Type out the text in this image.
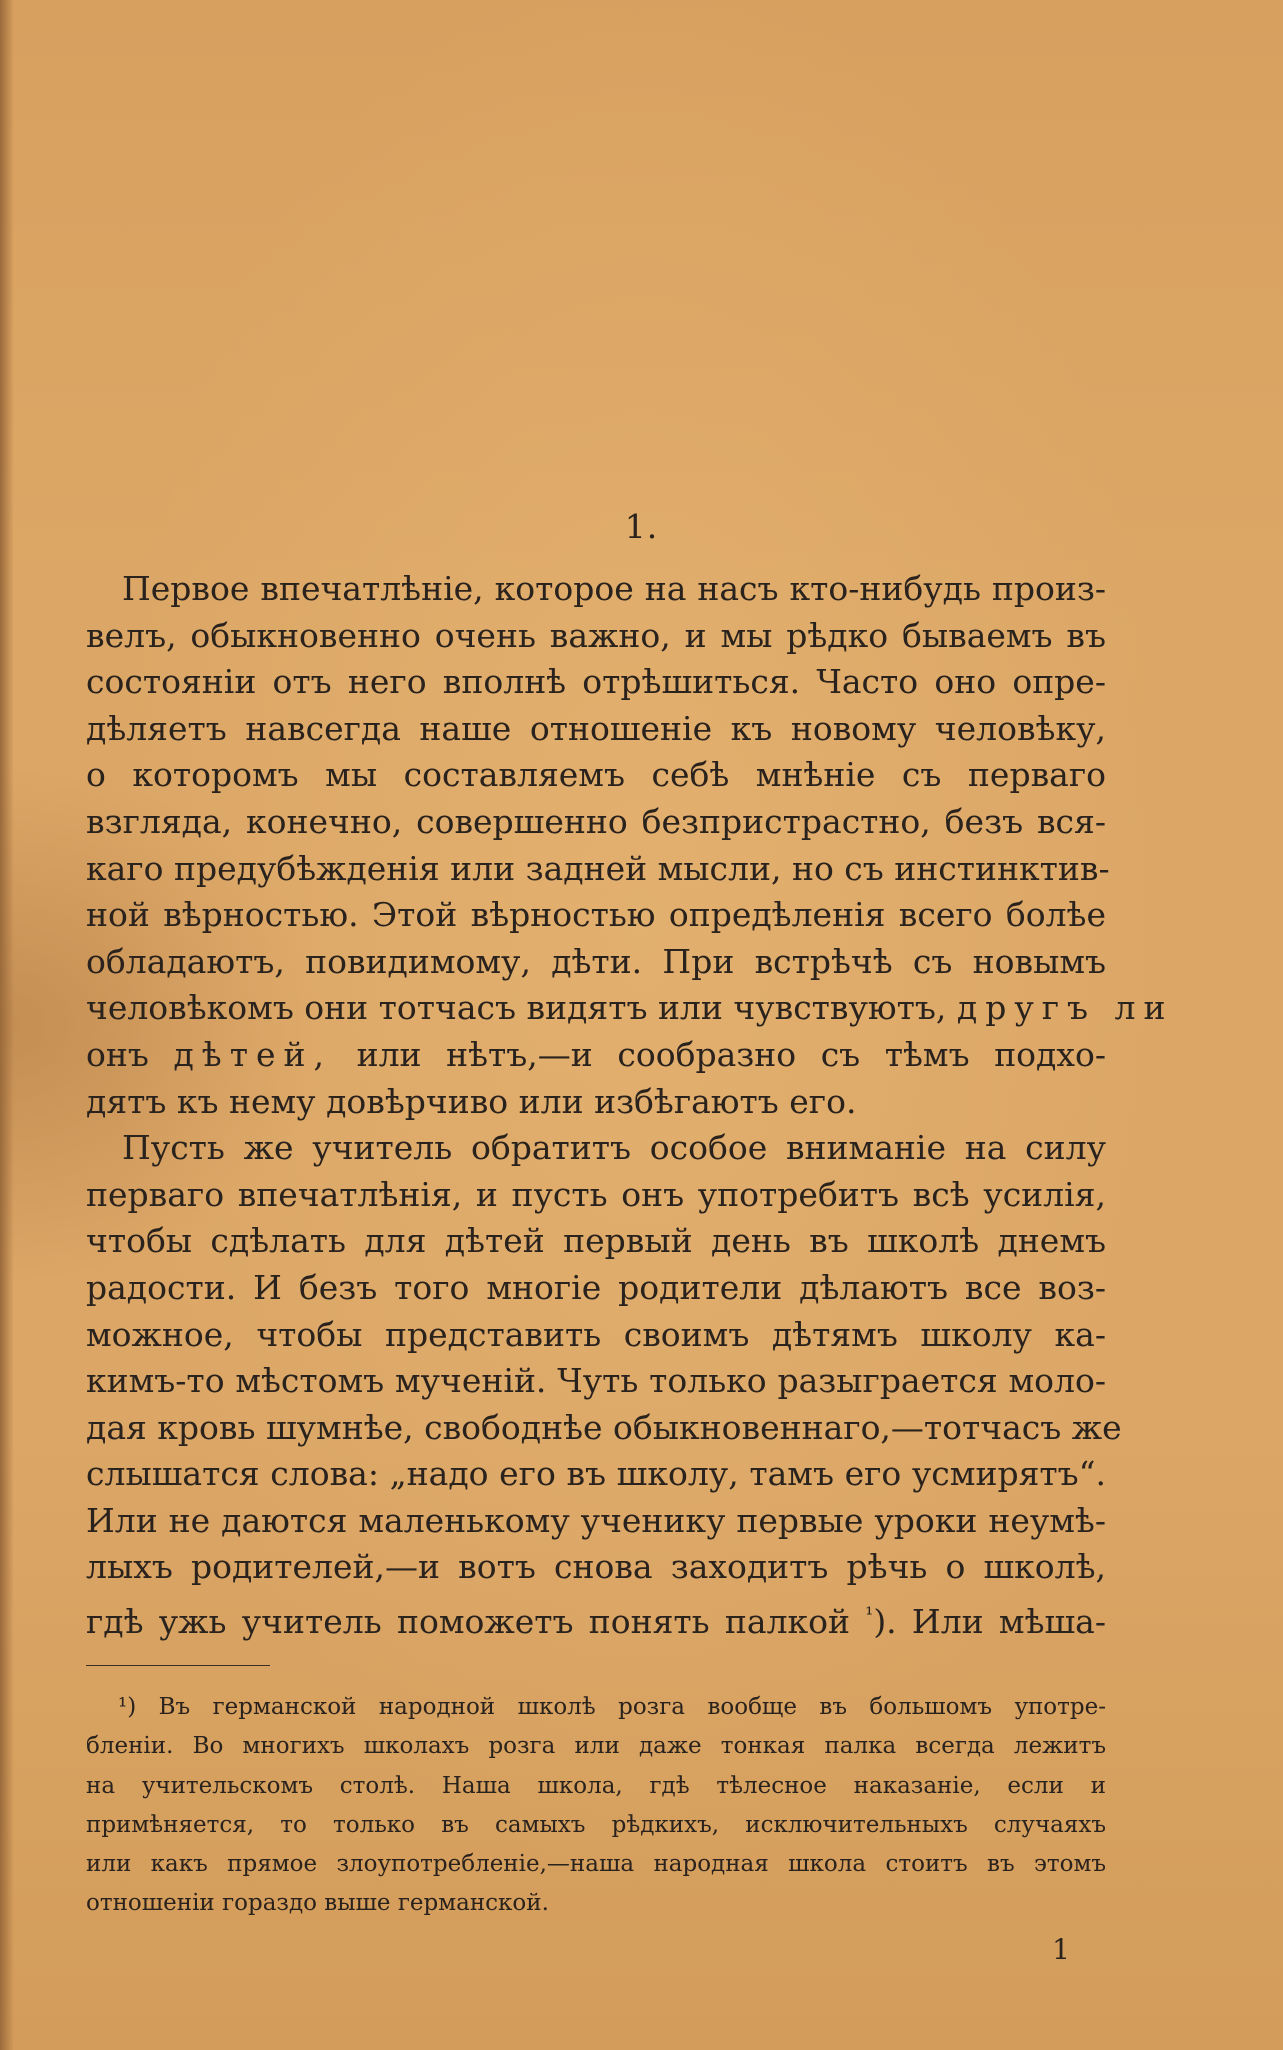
1.
Первое впечатлѣніе, которое на насъ кто-нибудь произ-
велъ, обыкновенно очень важно, и мы рѣдко бываемъ въ
состояніи отъ него вполнѣ отрѣшиться. Часто оно опре-
дѣляетъ навсегда наше отношеніе къ новому человѣку,
о которомъ мы составляемъ себѣ мнѣніе съ перваго
взгляда, конечно, совершенно безпристрастно, безъ вся-
каго предубѣжденія или задней мысли, но съ инстинктив-
ной вѣрностью. Этой вѣрностью опредѣленія всего болѣе
обладаютъ, повидимому, дѣти. При встрѣчѣ съ новымъ
человѣкомъ они тотчасъ видятъ или чувствуютъ, другъ ли
онъ дѣтей, или нѣтъ,—и сообразно съ тѣмъ подхо-
дятъ къ нему довѣрчиво или избѣгаютъ его.
Пусть же учитель обратитъ особое вниманіе на силу
перваго впечатлѣнія, и пусть онъ употребитъ всѣ усилія,
чтобы сдѣлать для дѣтей первый день въ школѣ днемъ
радости. И безъ того многіе родители дѣлаютъ все воз-
можное, чтобы представить своимъ дѣтямъ школу ка-
кимъ-то мѣстомъ мученій. Чуть только разыграется моло-
дая кровь шумнѣе, свободнѣе обыкновеннаго,—тотчасъ же
слышатся слова: „надо его въ школу, тамъ его усмирятъ“.
Или не даются маленькому ученику первые уроки неумѣ-
лыхъ родителей,—и вотъ снова заходитъ рѣчь о школѣ,
гдѣ ужь учитель поможетъ понять палкой $^{^1}$). Или мѣша-
¹) Въ германской народной школѣ розга вообще въ большомъ употре-
бленіи. Во многихъ школахъ розга или даже тонкая палка всегда лежитъ
на учительскомъ столѣ. Наша школа, гдѣ тѣлесное наказаніе, если и
примѣняется, то только въ самыхъ рѣдкихъ, исключительныхъ случаяхъ
или какъ прямое злоупотребленіе,—наша народная школа стоитъ въ этомъ
отношеніи гораздо выше германской.
1
